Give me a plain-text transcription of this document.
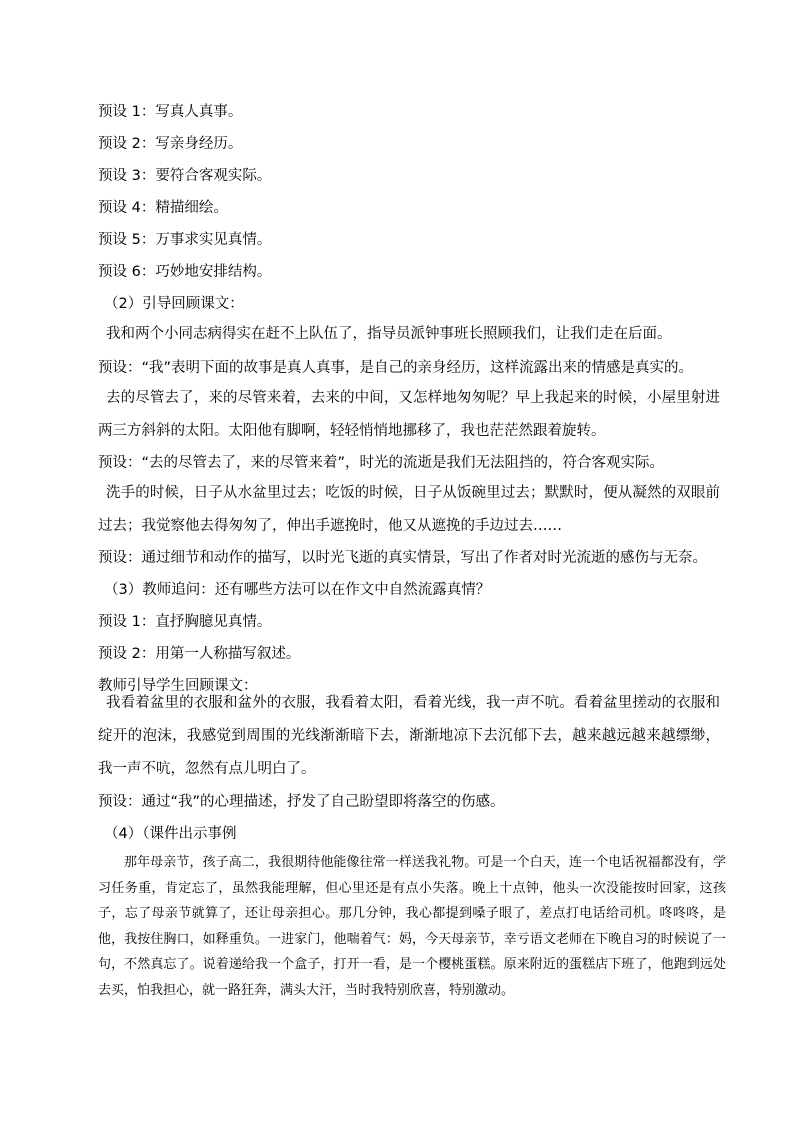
预设 1：写真人真事。
预设 2：写亲身经历。
预设 3：要符合客观实际。
预设 4：精描细绘。
预设 5：万事求实见真情。
预设 6：巧妙地安排结构。
（2）引导回顾课文：
我和两个小同志病得实在赶不上队伍了，指导员派钟事班长照顾我们，让我们走在后面。
预设：“我”表明下面的故事是真人真事，是自己的亲身经历，这样流露出来的情感是真实的。
去的尽管去了，来的尽管来着，去来的中间，又怎样地匆匆呢？早上我起来的时候，小屋里射进两三方斜斜的太阳。太阳他有脚啊，轻轻悄悄地挪移了，我也茫茫然跟着旋转。
预设：“去的尽管去了，来的尽管来着”，时光的流逝是我们无法阻挡的，符合客观实际。
洗手的时候，日子从水盆里过去；吃饭的时候，日子从饭碗里过去；默默时，便从凝然的双眼前过去；我觉察他去得匆匆了，伸出手遮挽时，他又从遮挽的手边过去……
预设：通过细节和动作的描写，以时光飞逝的真实情景，写出了作者对时光流逝的感伤与无奈。
（3）教师追问：还有哪些方法可以在作文中自然流露真情？
预设 1：直抒胸臆见真情。
预设 2：用第一人称描写叙述。
教师引导学生回顾课文：
我看着盆里的衣服和盆外的衣服，我看着太阳，看着光线，我一声不吭。看着盆里搓动的衣服和绽开的泡沫，我感觉到周围的光线渐渐暗下去，渐渐地凉下去沉郁下去，越来越远越来越缥缈，我一声不吭，忽然有点儿明白了。
预设：通过“我”的心理描述，抒发了自己盼望即将落空的伤感。
（4）（课件出示事例
那年母亲节，孩子高二，我很期待他能像往常一样送我礼物。可是一个白天，连一个电话祝福都没有，学习任务重，肯定忘了，虽然我能理解，但心里还是有点小失落。晚上十点钟，他头一次没能按时回家，这孩子，忘了母亲节就算了，还让母亲担心。那几分钟，我心都提到嗓子眼了，差点打电话给司机。咚咚咚，是他，我按住胸口，如释重负。一进家门，他喘着气：妈，今天母亲节，幸亏语文老师在下晚自习的时候说了一句，不然真忘了。说着递给我一个盒子，打开一看，是一个樱桃蛋糕。原来附近的蛋糕店下班了，他跑到远处去买，怕我担心，就一路狂奔，满头大汗，当时我特别欣喜，特别激动。
